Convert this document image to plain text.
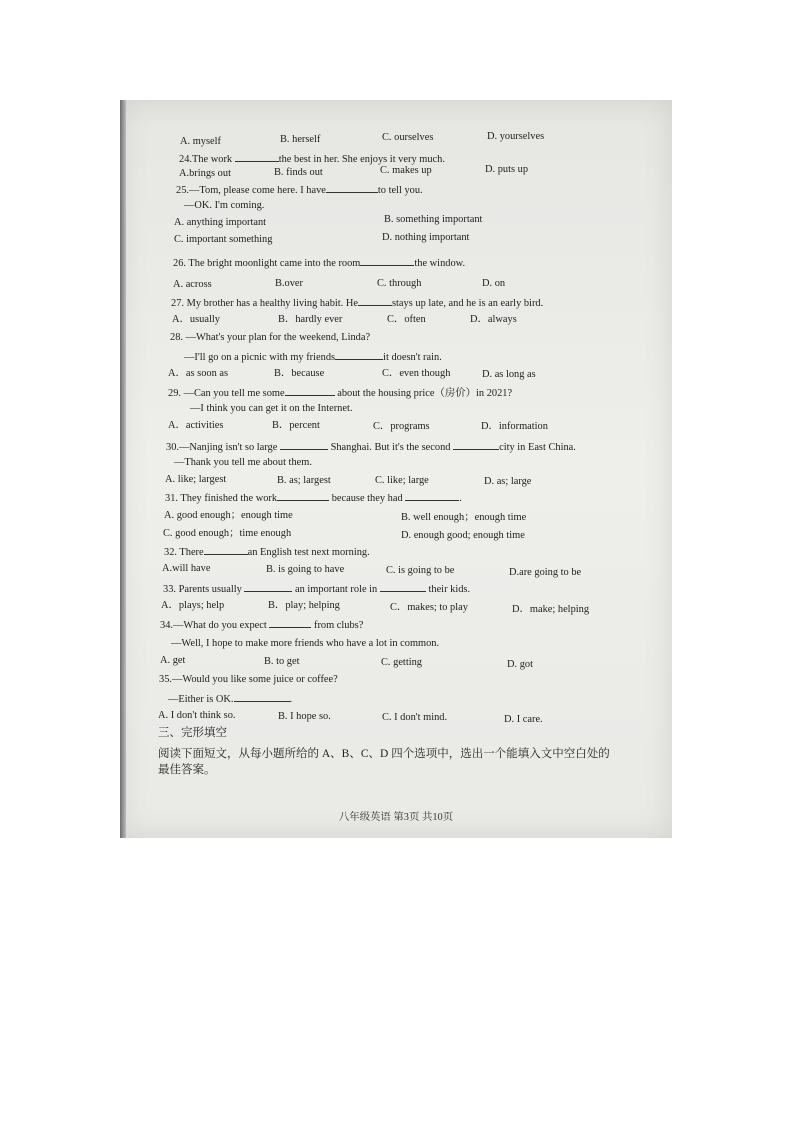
A. myself	B. herself	C. ourselves	D. yourselves
24.The work	the best in her. She enjoys it very much.
A.brings out	B. finds out	C. makes up	D. puts up
25.—Tom, please come here. I have	to tell you.
—OK. I'm coming.
A. anything important	B. something important
C. important something	D. nothing important
26. The bright moonlight came into the room	the window.
A. across	B.over	C. through	D. on
27. My brother has a healthy living habit. He	stays up late, and he is an early bird.
A．usually	B．hardly ever	C．often	D．always
28. —What's your plan for the weekend, Linda?
—I'll go on a picnic with my friends	it doesn't rain.
A．as soon as	B．because	C．even though	D. as long as
29. —Can you tell me some	about the housing price（房价）in 2021?
—I think you can get it on the Internet.
A．activities	B．percent	C．programs	D．information
30.—Nanjing isn't so large	Shanghai. But it's the second	city in East China.
—Thank you tell me about them.
A. like; largest	B. as; largest	C. like; large	D. as; large
31. They finished the work	because they had	.
A. good enough；enough time	B. well enough；enough time
C. good enough；time enough	D. enough good; enough time
32. There	an English test next morning.
A.will have	B. is going to have	C. is going to be	D.are going to be
33. Parents usually	an important role in	their kids.
A．plays; help	B．play; helping	C．makes; to play	D．make; helping
34.—What do you expect	from clubs?
—Well, I hope to make more friends who have a lot in common.
A. get	B. to get	C. getting	D. got
35.—Would you like some juice or coffee?
—Either is OK.	.
A. I don't think so.	B. I hope so.	C. I don't mind.	D. I care.
三、完形填空
阅读下面短文，从每小题所给的 A、B、C、D 四个选项中，选出一个能填入文中空白处的
最佳答案。
八年级英语 第3页 共10页
